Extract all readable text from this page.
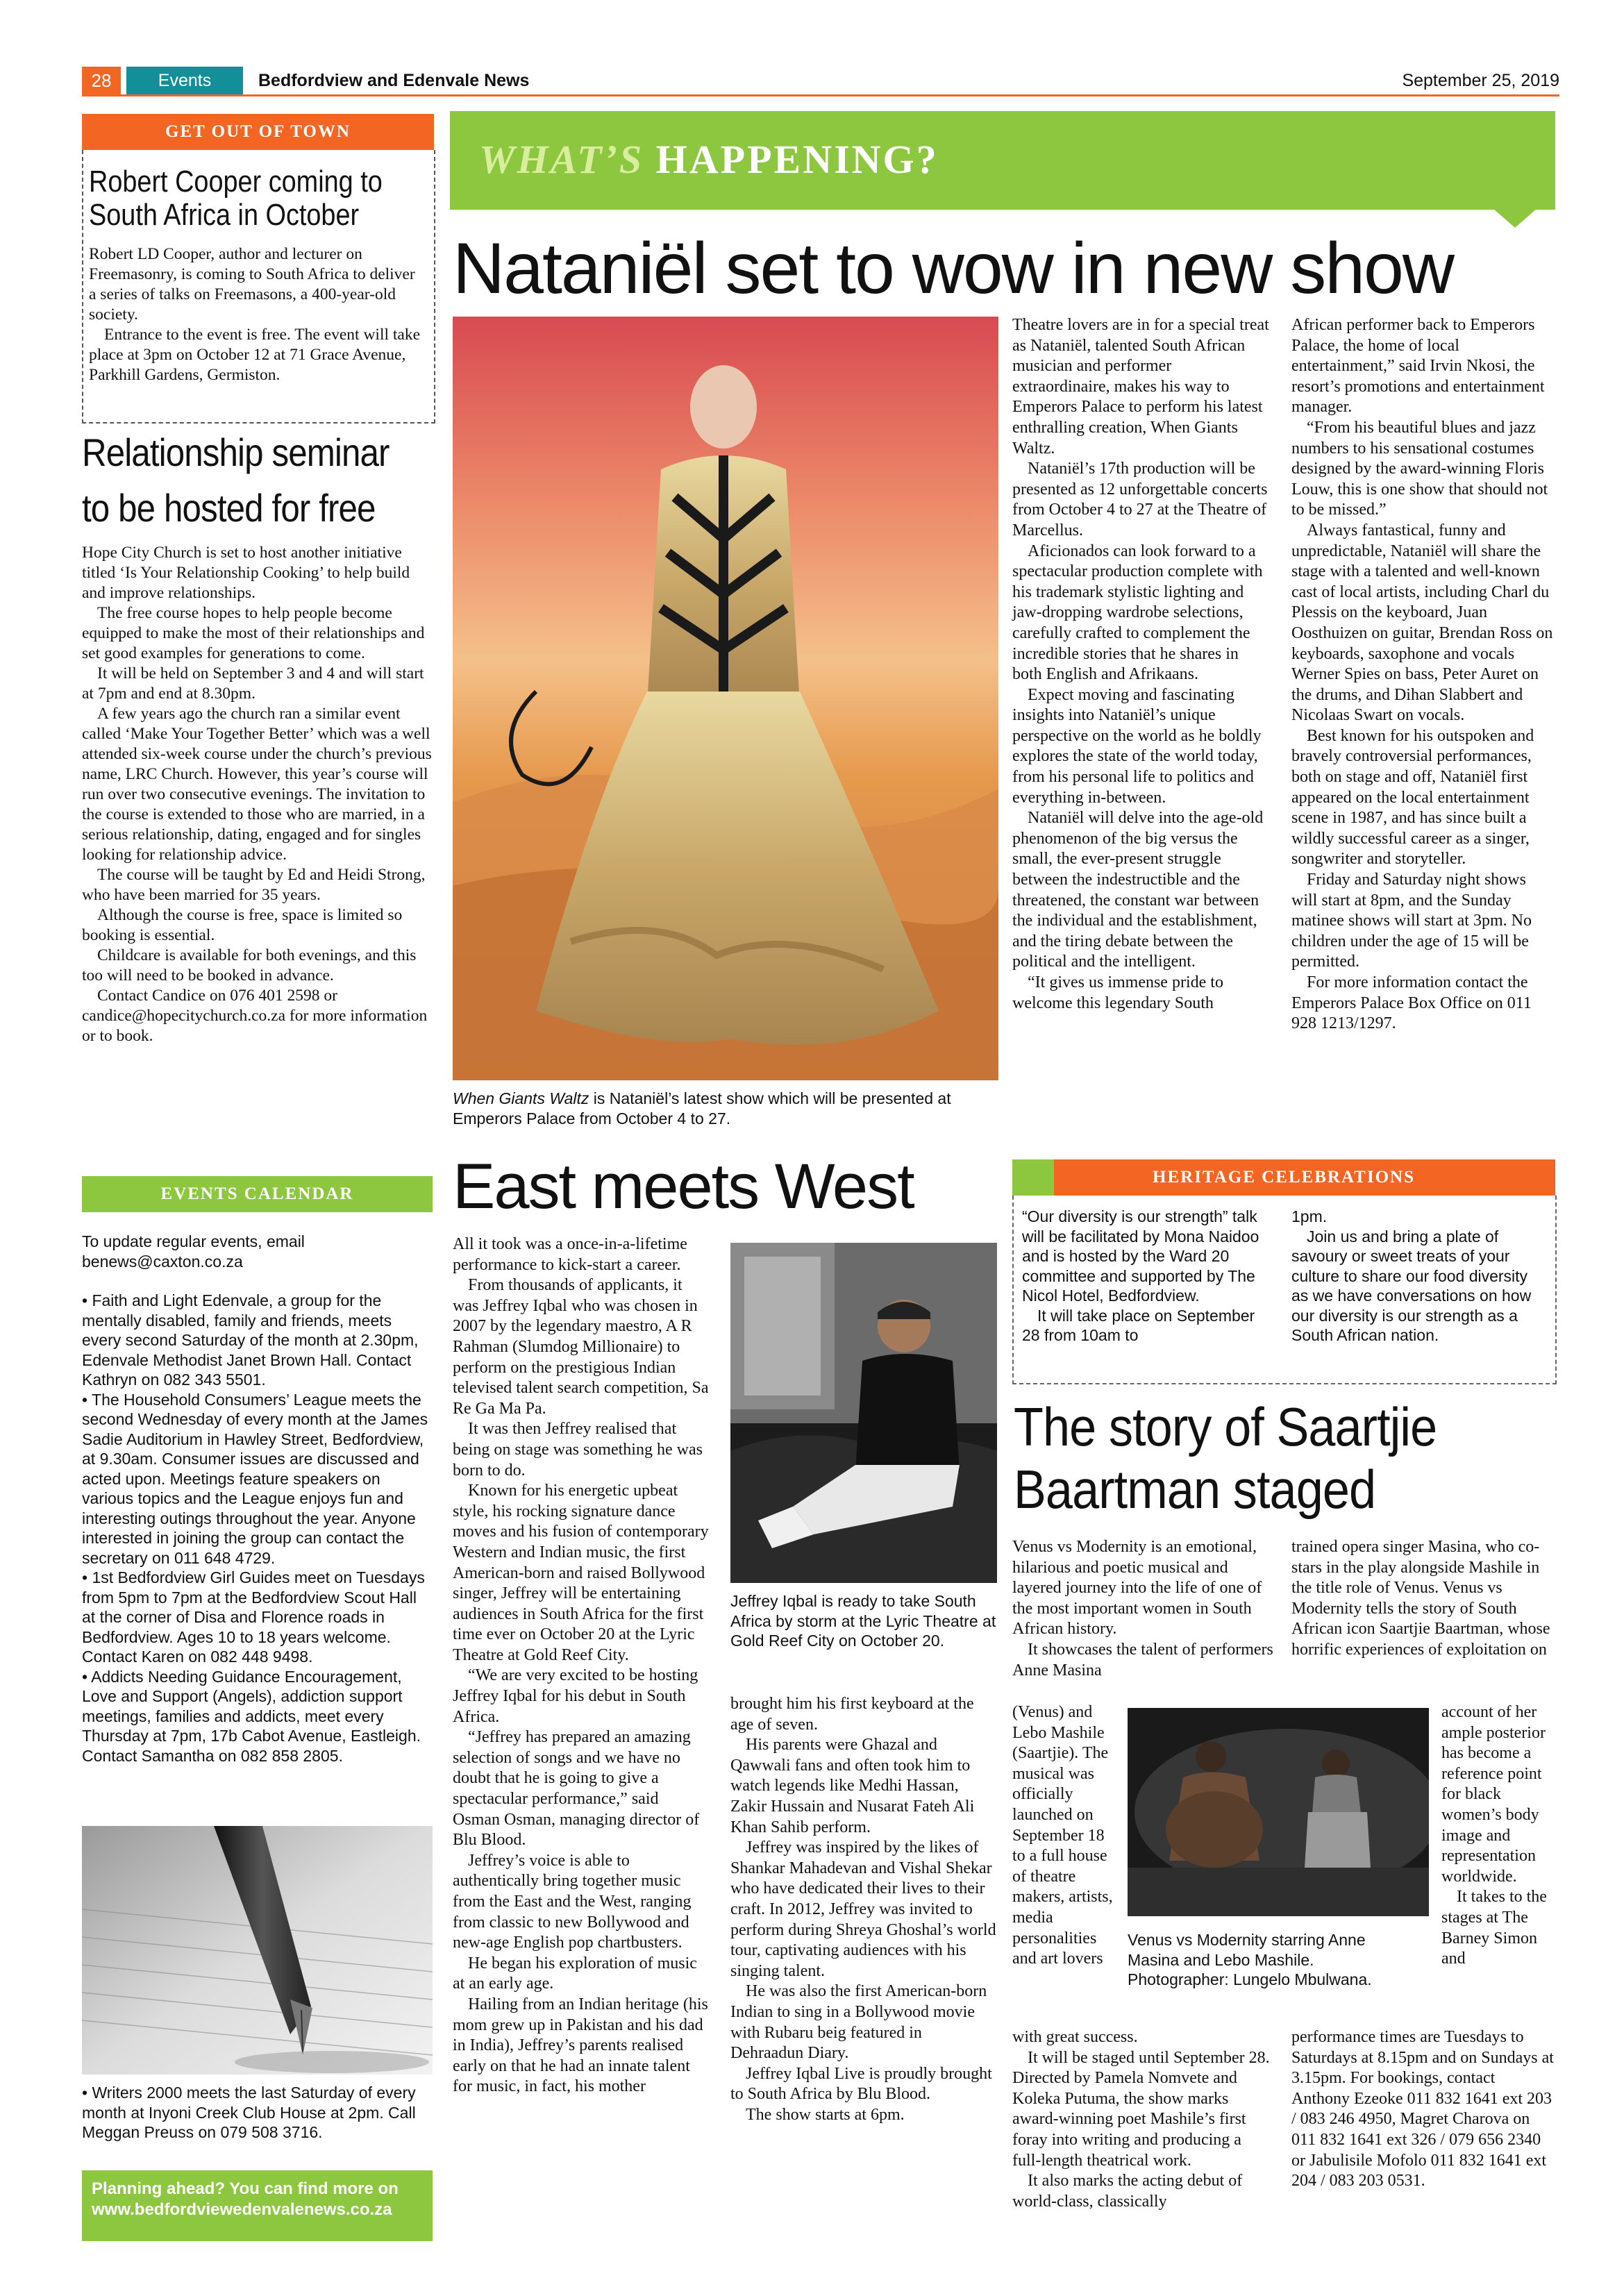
28	Events	Bedfordview and Edenvale News	September 25, 2019
GET OUT OF TOWN
Robert Cooper coming to
South Africa in October

Robert LD Cooper, author and lecturer on Freemasonry, is coming to South Africa to deliver a series of talks on Freemasons, a 400-year-old society.

Entrance to the event is free. The event will take place at 3pm on October 12 at 71 Grace Avenue, Parkhill Gardens, Germiston.

Relationship seminar
to be hosted for free

Hope City Church is set to host another initiative titled ‘Is Your Relationship Cooking’ to help build and improve relationships.

The free course hopes to help people become equipped to make the most of their relationships and set good examples for generations to come.

It will be held on September 3 and 4 and will start at 7pm and end at 8.30pm.

A few years ago the church ran a similar event called ‘Make Your Together Better’ which was a well attended six-week course under the church’s previous name, LRC Church. However, this year’s course will run over two consecutive evenings. The invitation to the course is extended to those who are married, in a serious relationship, dating, engaged and for singles looking for relationship advice.

The course will be taught by Ed and Heidi Strong, who have been married for 35 years.

Although the course is free, space is limited so booking is essential.

Childcare is available for both evenings, and this too will need to be booked in advance.

Contact Candice on 076 401 2598 or candice@hopecitychurch.co.za for more information or to book.

EVENTS CALENDAR

To update regular events, email benews@caxton.co.za

• Faith and Light Edenvale, a group for the mentally disabled, family and friends, meets every second Saturday of the month at 2.30pm, Edenvale Methodist Janet Brown Hall. Contact Kathryn on 082 343 5501.

• The Household Consumers’ League meets the second Wednesday of every month at the James Sadie Auditorium in Hawley Street, Bedfordview, at 9.30am. Consumer issues are discussed and acted upon. Meetings feature speakers on various topics and the League enjoys fun and interesting outings throughout the year. Anyone interested in joining the group can contact the secretary on 011 648 4729.

• 1st Bedfordview Girl Guides meet on Tuesdays from 5pm to 7pm at the Bedfordview Scout Hall at the corner of Disa and Florence roads in Bedfordview. Ages 10 to 18 years welcome. Contact Karen on 082 448 9498.

• Addicts Needing Guidance Encouragement, Love and Support (Angels), addiction support meetings, families and addicts, meet every Thursday at 7pm, 17b Cabot Avenue, Eastleigh. Contact Samantha on 082 858 2805.

• Writers 2000 meets the last Saturday of every month at Inyoni Creek Club House at 2pm. Call Meggan Preuss on 079 508 3716.
Planning ahead? You can find more on www.bedfordviewedenvalenews.co.za
WHAT’S HAPPENING?
Nataniël set to wow in new show
When Giants Waltz is Nataniël’s latest show which will be presented at Emperors Palace from October 4 to 27.

Theatre lovers are in for a special treat as Nataniël, talented South African musician and performer extraordinaire, makes his way to Emperors Palace to perform his latest enthralling creation, When Giants Waltz.

Nataniël’s 17th production will be presented as 12 unforgettable concerts from October 4 to 27 at the Theatre of Marcellus.

Aficionados can look forward to a spectacular production complete with his trademark stylistic lighting and jaw-dropping wardrobe selections, carefully crafted to complement the incredible stories that he shares in both English and Afrikaans.

Expect moving and fascinating insights into Nataniël’s unique perspective on the world as he boldly explores the state of the world today, from his personal life to politics and everything in-between.

Nataniël will delve into the age-old phenomenon of the big versus the small, the ever-present struggle between the indestructible and the threatened, the constant war between the individual and the establishment, and the tiring debate between the political and the intelligent.

“It gives us immense pride to welcome this legendary South

African performer back to Emperors Palace, the home of local entertainment,” said Irvin Nkosi, the resort’s promotions and entertainment manager.

“From his beautiful blues and jazz numbers to his sensational costumes designed by the award-winning Floris Louw, this is one show that should not to be missed.”

Always fantastical, funny and unpredictable, Nataniël will share the stage with a talented and well-known cast of local artists, including Charl du Plessis on the keyboard, Juan Oosthuizen on guitar, Brendan Ross on keyboards, saxophone and vocals Werner Spies on bass, Peter Auret on the drums, and Dihan Slabbert and Nicolaas Swart on vocals.

Best known for his outspoken and bravely controversial performances, both on stage and off, Nataniël first appeared on the local entertainment scene in 1987, and has since built a wildly successful career as a singer, songwriter and storyteller.

Friday and Saturday night shows will start at 8pm, and the Sunday matinee shows will start at 3pm. No children under the age of 15 will be permitted.

For more information contact the Emperors Palace Box Office on 011 928 1213/1297.

East meets West

All it took was a once-in-a-lifetime performance to kick-start a career.

From thousands of applicants, it was Jeffrey Iqbal who was chosen in 2007 by the legendary maestro, A R Rahman (Slumdog Millionaire) to perform on the prestigious Indian televised talent search competition, Sa Re Ga Ma Pa.

It was then Jeffrey realised that being on stage was something he was born to do.

Known for his energetic upbeat style, his rocking signature dance moves and his fusion of contemporary Western and Indian music, the first American-born and raised Bollywood singer, Jeffrey will be entertaining audiences in South Africa for the first time ever on October 20 at the Lyric Theatre at Gold Reef City.

“We are very excited to be hosting Jeffrey Iqbal for his debut in South Africa.

“Jeffrey has prepared an amazing selection of songs and we have no doubt that he is going to give a spectacular performance,” said Osman Osman, managing director of Blu Blood.

Jeffrey’s voice is able to authentically bring together music from the East and the West, ranging from classic to new Bollywood and new-age English pop chartbusters.

He began his exploration of music at an early age.

Hailing from an Indian heritage (his mom grew up in Pakistan and his dad in India), Jeffrey’s parents realised early on that he had an innate talent for music, in fact, his mother

Jeffrey Iqbal is ready to take South Africa by storm at the Lyric Theatre at Gold Reef City on October 20.

brought him his first keyboard at the age of seven.

His parents were Ghazal and Qawwali fans and often took him to watch legends like Medhi Hassan, Zakir Hussain and Nusarat Fateh Ali Khan Sahib perform.

Jeffrey was inspired by the likes of Shankar Mahadevan and Vishal Shekar who have dedicated their lives to their craft. In 2012, Jeffrey was invited to perform during Shreya Ghoshal’s world tour, captivating audiences with his singing talent.

He was also the first American-born Indian to sing in a Bollywood movie with Rubaru beig featured in Dehraadun Diary.

Jeffrey Iqbal Live is proudly brought to South Africa by Blu Blood.

The show starts at 6pm.

HERITAGE CELEBRATIONS

“Our diversity is our strength” talk will be facilitated by Mona Naidoo and is hosted by the Ward 20 committee and supported by The Nicol Hotel, Bedfordview.

It will take place on September 28 from 10am to

1pm.

Join us and bring a plate of savoury or sweet treats of your culture to share our food diversity as we have conversations on how our diversity is our strength as a South African nation.

The story of Saartjie
Baartman staged

Venus vs Modernity is an emotional, hilarious and poetic musical and layered journey into the life of one of the most important women in South African history.

It showcases the talent of performers Anne Masina

(Venus) and Lebo Mashile (Saartjie). The musical was officially launched on September 18 to a full house of theatre makers, artists, media personalities and art lovers

with great success.

It will be staged until September 28. Directed by Pamela Nomvete and Koleka Putuma, the show marks award-winning poet Mashile’s first foray into writing and producing a full-length theatrical work.

It also marks the acting debut of world-class, classically

Venus vs Modernity starring Anne Masina and Lebo Mashile. Photographer: Lungelo Mbulwana.
trained opera singer Masina, who co-stars in the play alongside Mashile in the title role of Venus. Venus vs Modernity tells the story of South African icon Saartjie Baartman, whose horrific experiences of exploitation on

account of her ample posterior has become a reference point for black women’s body image and representation worldwide.

It takes to the stages at The Barney Simon and

performance times are Tuesdays to Saturdays at 8.15pm and on Sundays at 3.15pm. For bookings, contact Anthony Ezeoke 011 832 1641 ext 203 / 083 246 4950, Magret Charova on 011 832 1641 ext 326 / 079 656 2340 or Jabulisile Mofolo 011 832 1641 ext 204 / 083 203 0531.
